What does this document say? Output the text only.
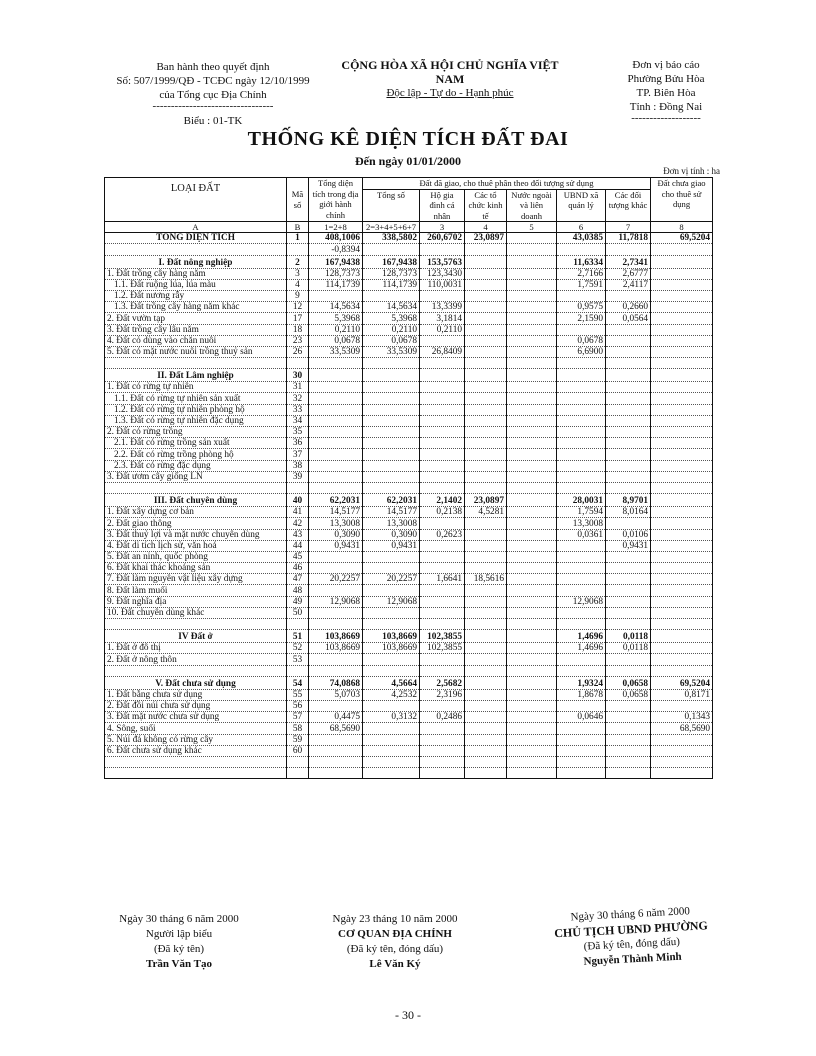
Ban hành theo quyết định
Số: 507/1999/QĐ - TCĐC ngày 12/10/1999
của Tổng cục Địa Chính
---------------------------------
Biểu : 01-TK
CỘNG HÒA XÃ HỘI CHỦ NGHĨA VIỆT NAM
Độc lập - Tự do - Hạnh phúc
Đơn vị báo cáo
Phường Bửu Hòa
TP. Biên Hòa
Tỉnh : Đồng Nai
-------------------
THỐNG KÊ DIỆN TÍCH ĐẤT ĐAI
Đến ngày 01/01/2000
Đơn vị tính : ha
LOẠI ĐẤT	Mã số	Tổng diện tích trong địa giới hành chính	Đất đã giao, cho thuê phân theo đối tượng sử dụng						Đất chưa giao cho thuê sử dụng
			Tổng số	Hộ gia đình cá nhân	Các tổ chức kinh tế	Nước ngoài và liên doanh	UBND xã quản lý	Các đối tượng khác	
A	B	1=2+8	2=3+4+5+6+7	3	4	5	6	7	8
TỔNG DIỆN TÍCH	1	408,1006	338,5802	260,6702	23,0897		43,0385	11,7818	69,5204
		-0,8394							
I. Đất nông nghiệp	2	167,9438	167,9438	153,5763			11,6334	2,7341	
1. Đất trồng cây hàng năm	3	128,7373	128,7373	123,3430			2,7166	2,6777	
1.1. Đất ruộng lúa, lúa màu	4	114,1739	114,1739	110,0031			1,7591	2,4117	
1.2. Đất nương rẫy	9								
1.3. Đất trồng cây hàng năm khác	12	14,5634	14,5634	13,3399			0,9575	0,2660	
2. Đất vườn tạp	17	5,3968	5,3968	3,1814			2,1590	0,0564	
3. Đất trồng cây lâu năm	18	0,2110	0,2110	0,2110					
4. Đất cỏ dùng vào chăn nuôi	23	0,0678	0,0678				0,0678		
5. Đất có mặt nước nuôi trồng thuỷ sản	26	33,5309	33,5309	26,8409			6,6900		

II. Đất Lâm nghiệp	30								
1. Đất có rừng tự nhiên	31								
1.1. Đất có rừng tự nhiên sản xuất	32								
1.2. Đất có rừng tự nhiên phòng hộ	33								
1.3. Đất có rừng tự nhiên đặc dụng	34								
2. Đất có rừng trồng	35								
2.1. Đất có rừng trồng sản xuất	36								
2.2. Đất có rừng trồng phòng hộ	37								
2.3. Đất có rừng đặc dụng	38								
3. Đất ươm cây giống LN	39								

III. Đất chuyên dùng	40	62,2031	62,2031	2,1402	23,0897		28,0031	8,9701	
1. Đất xây dựng cơ bản	41	14,5177	14,5177	0,2138	4,5281		1,7594	8,0164	
2. Đất giao thông	42	13,3008	13,3008				13,3008		
3. Đất thuỷ lợi và mặt nước chuyên dùng	43	0,3090	0,3090	0,2623			0,0361	0,0106	
4. Đất di tích lịch sử, văn hoá	44	0,9431	0,9431					0,9431	
5. Đất an ninh, quốc phòng	45								
6. Đất khai thác khoáng sản	46								
7. Đất làm nguyên vật liệu xây dựng	47	20,2257	20,2257	1,6641	18,5616				
8. Đất làm muối	48								
9. Đất nghĩa địa	49	12,9068	12,9068				12,9068		
10. Đất chuyên dùng khác	50								

IV Đất ở	51	103,8669	103,8669	102,3855			1,4696	0,0118	
1. Đất ở đô thị	52	103,8669	103,8669	102,3855			1,4696	0,0118	
2. Đất ở nông thôn	53								

V. Đất chưa sử dụng	54	74,0868	4,5664	2,5682			1,9324	0,0658	69,5204
1. Đất bằng chưa sử dụng	55	5,0703	4,2532	2,3196			1,8678	0,0658	0,8171
2. Đất đồi núi chưa sử dụng	56								
3. Đất mặt nước chưa sử dụng	57	0,4475	0,3132	0,2486			0,0646		0,1343
4. Sông, suối	58	68,5690							68,5690
5. Núi đá không có rừng cây	59								
6. Đất chưa sử dụng khác	60								

Ngày 30 tháng 6 năm 2000
Người lập biểu
(Đã ký tên)
Trần Văn Tạo
Ngày 23 tháng 10 năm 2000
CƠ QUAN ĐỊA CHÍNH
(Đã ký tên, đóng dấu)
Lê Văn Ký
Ngày 30 tháng 6 năm 2000
CHỦ TỊCH UBND PHƯỜNG
(Đã ký tên, đóng dấu)
Nguyễn Thành Minh
- 30 -
